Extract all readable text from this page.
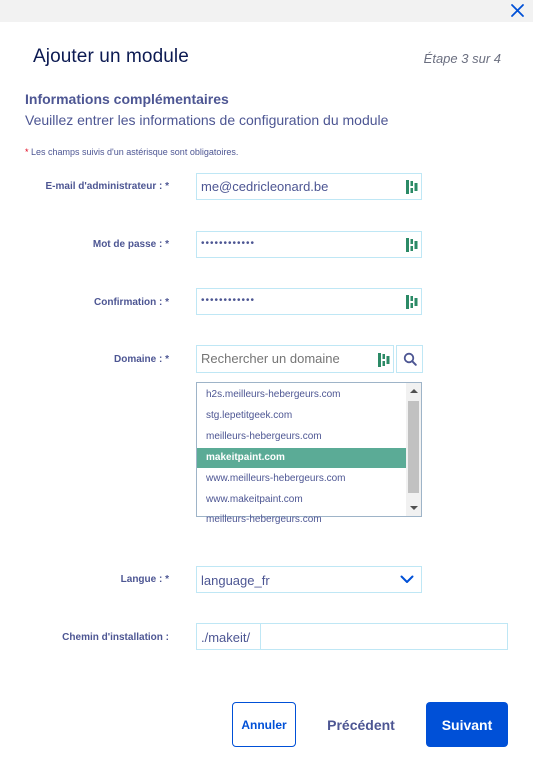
Ajouter un module	Étape 3 sur 4
Informations complémentaires
Veuillez entrer les informations de configuration du module
* Les champs suivis d'un astérisque sont obligatoires.
E-mail d'administrateur : *
me@cedricleonard.be
Mot de passe : *	••••••••••••
Confirmation : *	••••••••••••
Domaine : *
Rechercher un domaine
h2s.meilleurs-hebergeurs.com
stg.lepetitgeek.com
meilleurs-hebergeurs.com
makeitpaint.com
www.meilleurs-hebergeurs.com
www.makeitpaint.com
meilleurs-hebergeurs.com
Langue : * language_fr
Chemin d'installation :	./makeit/
Annuler	Précédent	Suivant
